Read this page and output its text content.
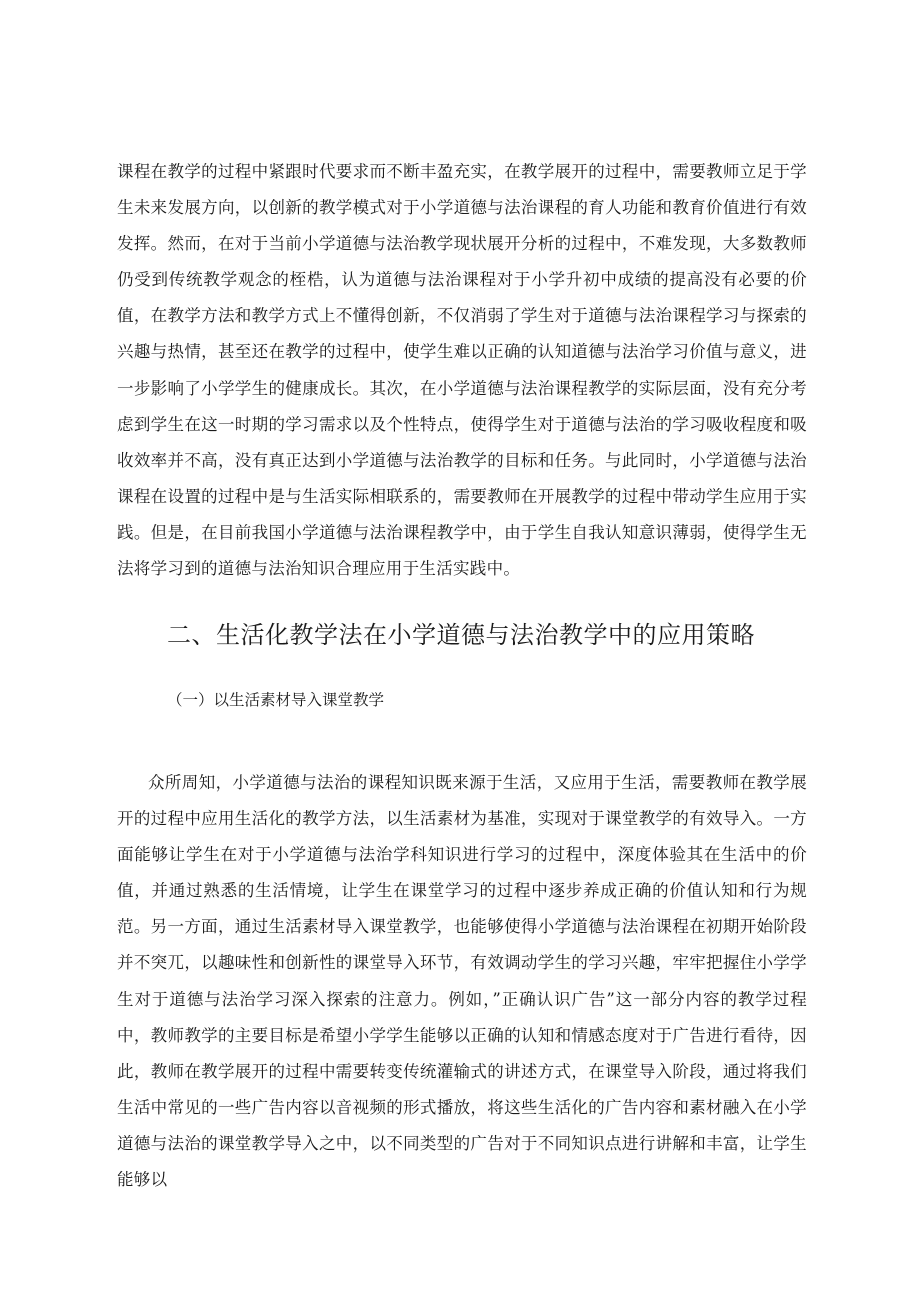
课程在教学的过程中紧跟时代要求而不断丰盈充实，在教学展开的过程中，需要教师立足于学生未来发展方向，以创新的教学模式对于小学道德与法治课程的育人功能和教育价值进行有效发挥。然而，在对于当前小学道德与法治教学现状展开分析的过程中，不难发现，大多数教师仍受到传统教学观念的桎梏，认为道德与法治课程对于小学升初中成绩的提高没有必要的价值，在教学方法和教学方式上不懂得创新，不仅消弱了学生对于道德与法治课程学习与探索的兴趣与热情，甚至还在教学的过程中，使学生难以正确的认知道德与法治学习价值与意义，进一步影响了小学学生的健康成长。其次，在小学道德与法治课程教学的实际层面，没有充分考虑到学生在这一时期的学习需求以及个性特点，使得学生对于道德与法治的学习吸收程度和吸收效率并不高，没有真正达到小学道德与法治教学的目标和任务。与此同时，小学道德与法治课程在设置的过程中是与生活实际相联系的，需要教师在开展教学的过程中带动学生应用于实践。但是，在目前我国小学道德与法治课程教学中，由于学生自我认知意识薄弱，使得学生无法将学习到的道德与法治知识合理应用于生活实践中。

二、生活化教学法在小学道德与法治教学中的应用策略
（一）以生活素材导入课堂教学

众所周知，小学道德与法治的课程知识既来源于生活，又应用于生活，需要教师在教学展开的过程中应用生活化的教学方法，以生活素材为基准，实现对于课堂教学的有效导入。一方面能够让学生在对于小学道德与法治学科知识进行学习的过程中，深度体验其在生活中的价值，并通过熟悉的生活情境，让学生在课堂学习的过程中逐步养成正确的价值认知和行为规范。另一方面，通过生活素材导入课堂教学，也能够使得小学道德与法治课程在初期开始阶段并不突兀，以趣味性和创新性的课堂导入环节，有效调动学生的学习兴趣，牢牢把握住小学学生对于道德与法治学习深入探索的注意力。例如，”正确认识广告”这一部分内容的教学过程中，教师教学的主要目标是希望小学学生能够以正确的认知和情感态度对于广告进行看待，因此，教师在教学展开的过程中需要转变传统灌输式的讲述方式，在课堂导入阶段，通过将我们生活中常见的一些广告内容以音视频的形式播放，将这些生活化的广告内容和素材融入在小学道德与法治的课堂教学导入之中，以不同类型的广告对于不同知识点进行讲解和丰富，让学生能够以
